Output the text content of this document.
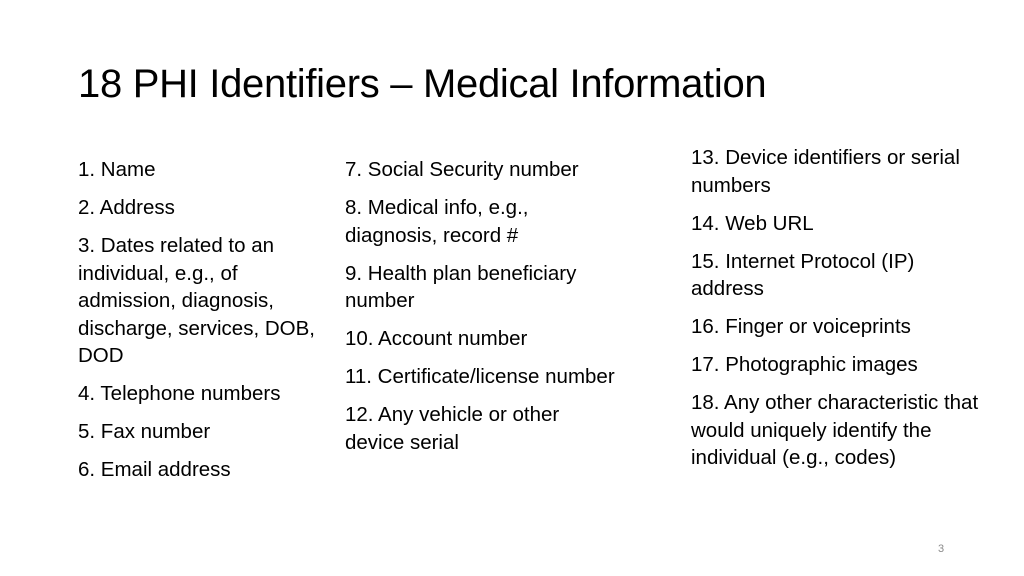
18 PHI Identifiers – Medical Information
1. Name
2. Address
3. Dates related to an individual, e.g., of admission, diagnosis, discharge, services, DOB, DOD
4. Telephone numbers
5. Fax number
6. Email address
7. Social Security number
8. Medical info, e.g., diagnosis, record #
9. Health plan beneficiary number
10. Account number
11. Certificate/license number
12. Any vehicle or other device serial
13. Device identifiers or serial numbers
14. Web URL
15. Internet Protocol (IP) address
16. Finger or voiceprints
17. Photographic images
18. Any other characteristic that would uniquely identify the individual (e.g., codes)
3
